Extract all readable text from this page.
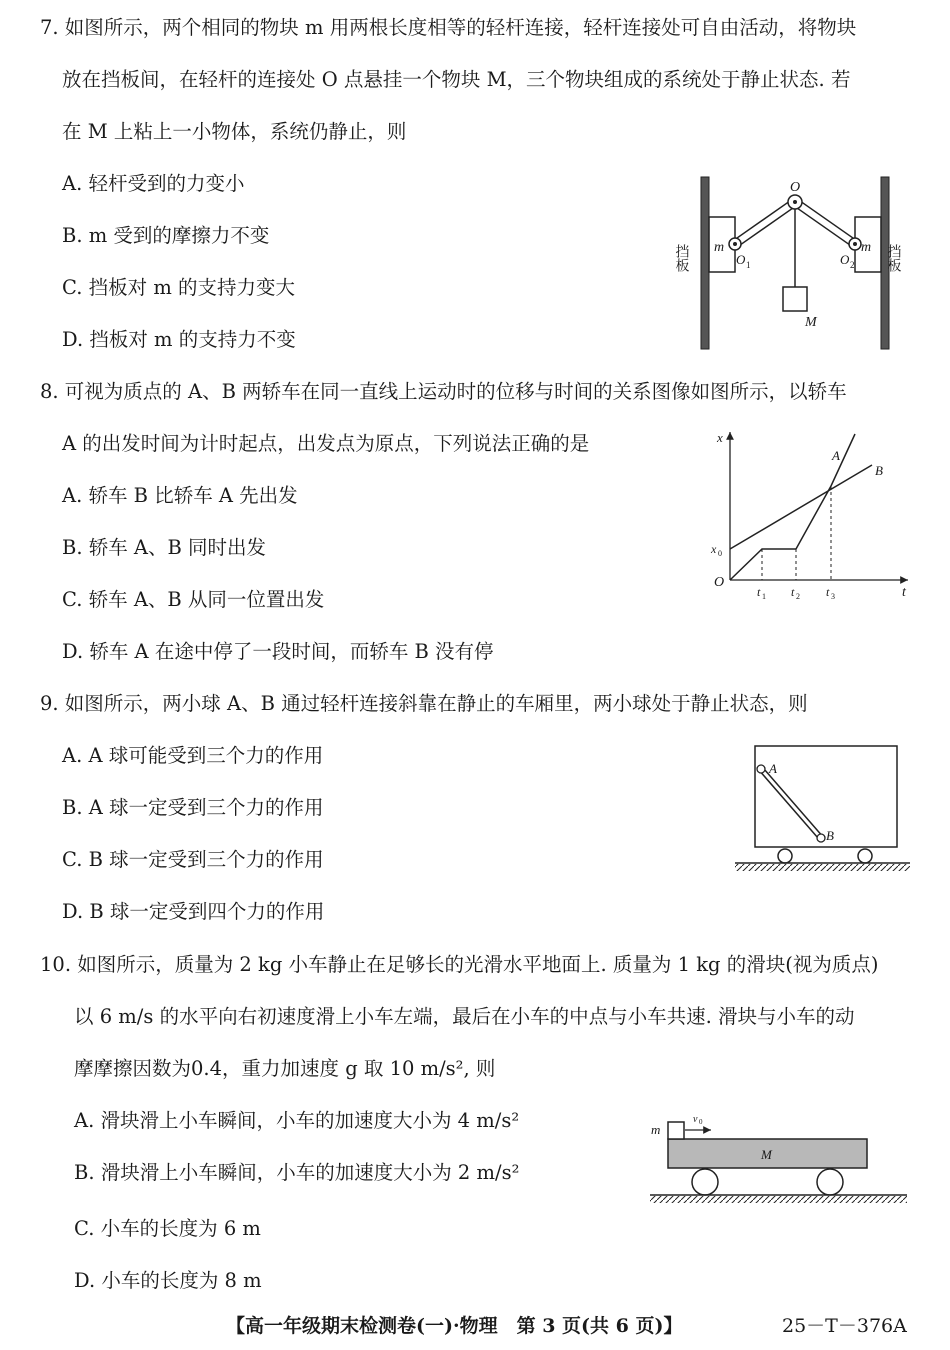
7. 如图所示，两个相同的物块 m 用两根长度相等的轻杆连接，轻杆连接处可自由活动，将物块
放在挡板间，在轻杆的连接处 O 点悬挂一个物块 M，三个物块组成的系统处于静止状态. 若
在 M 上粘上一小物体，系统仍静止，则
A. 轻杆受到的力变小
B. m 受到的摩擦力不变
C. 挡板对 m 的支持力变大
D. 挡板对 m 的支持力不变
挡板	挡板
m	m
O
O 1	O 2
M
8. 可视为质点的 A、B 两轿车在同一直线上运动时的位移与时间的关系图像如图所示，以轿车
A 的出发时间为计时起点，出发点为原点，下列说法正确的是
A. 轿车 B 比轿车 A 先出发
B. 轿车 A、B 同时出发
C. 轿车 A、B 从同一位置出发
D. 轿车 A 在途中停了一段时间，而轿车 B 没有停
x
t
O
x 0
t 1 t 2 t 3
A
B
9. 如图所示，两小球 A、B 通过轻杆连接斜靠在静止的车厢里，两小球处于静止状态，则
A. A 球可能受到三个力的作用
B. A 球一定受到三个力的作用
C. B 球一定受到三个力的作用
D. B 球一定受到四个力的作用
A
B
10. 如图所示，质量为 2 kg 小车静止在足够长的光滑水平地面上. 质量为 1 kg 的滑块(视为质点)
以 6 m/s 的水平向右初速度滑上小车左端，最后在小车的中点与小车共速. 滑块与小车的动
摩摩擦因数为0.4，重力加速度 g 取 10 m/s², 则
A. 滑块滑上小车瞬间，小车的加速度大小为 4 m/s²
B. 滑块滑上小车瞬间，小车的加速度大小为 2 m/s²
C. 小车的长度为 6 m
D. 小车的长度为 8 m
m
v 0
M
【高一年级期末检测卷(一)·物理　第 3 页(共 6 页)】	25－T－376A
